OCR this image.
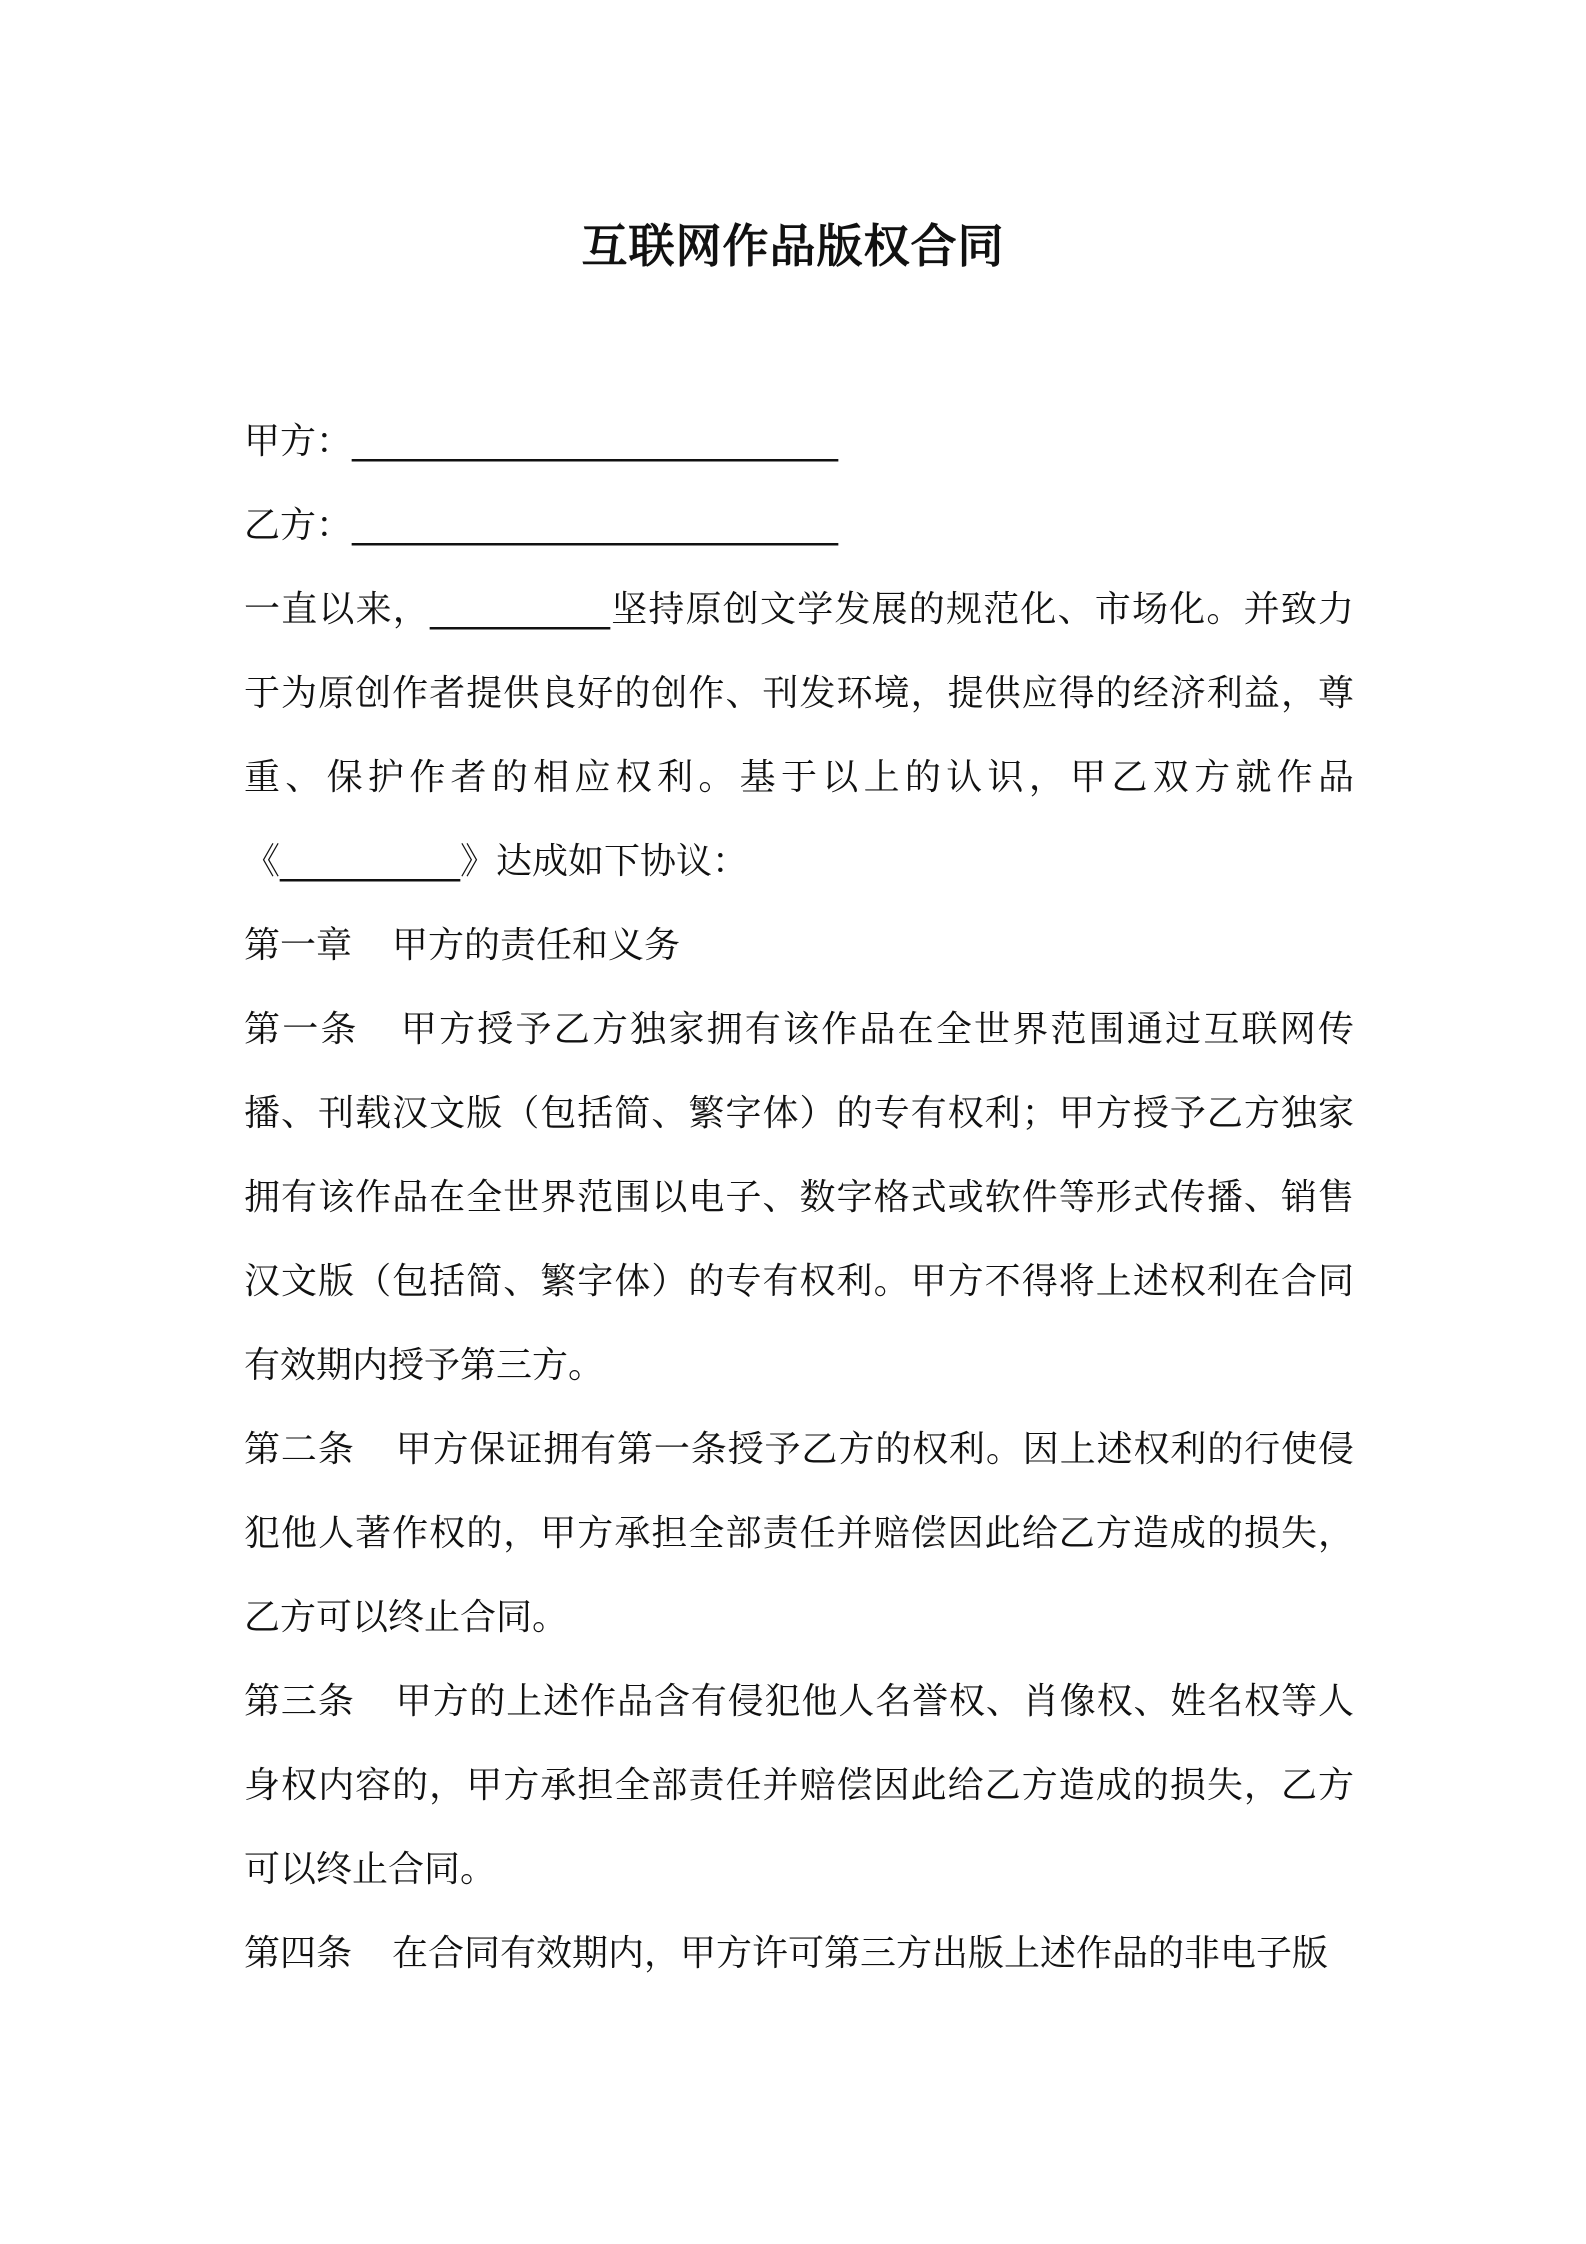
互联网作品版权合同
甲方：___________________________
乙方：___________________________
一直以来，__________坚持原创文学发展的规范化、市场化。并致力于为原创作者提供良好的创作、刊发环境，提供应得的经济利益，尊重、保护作者的相应权利。基于以上的认识，甲乙双方就作品《__________》达成如下协议：
第一章 甲方的责任和义务
第一条 甲方授予乙方独家拥有该作品在全世界范围通过互联网传播、刊载汉文版（包括简、繁字体）的专有权利；甲方授予乙方独家拥有该作品在全世界范围以电子、数字格式或软件等形式传播、销售汉文版（包括简、繁字体）的专有权利。甲方不得将上述权利在合同有效期内授予第三方。
第二条 甲方保证拥有第一条授予乙方的权利。因上述权利的行使侵犯他人著作权的，甲方承担全部责任并赔偿因此给乙方造成的损失，乙方可以终止合同。
第三条 甲方的上述作品含有侵犯他人名誉权、肖像权、姓名权等人身权内容的，甲方承担全部责任并赔偿因此给乙方造成的损失，乙方可以终止合同。
第四条 在合同有效期内，甲方许可第三方出版上述作品的非电子版
